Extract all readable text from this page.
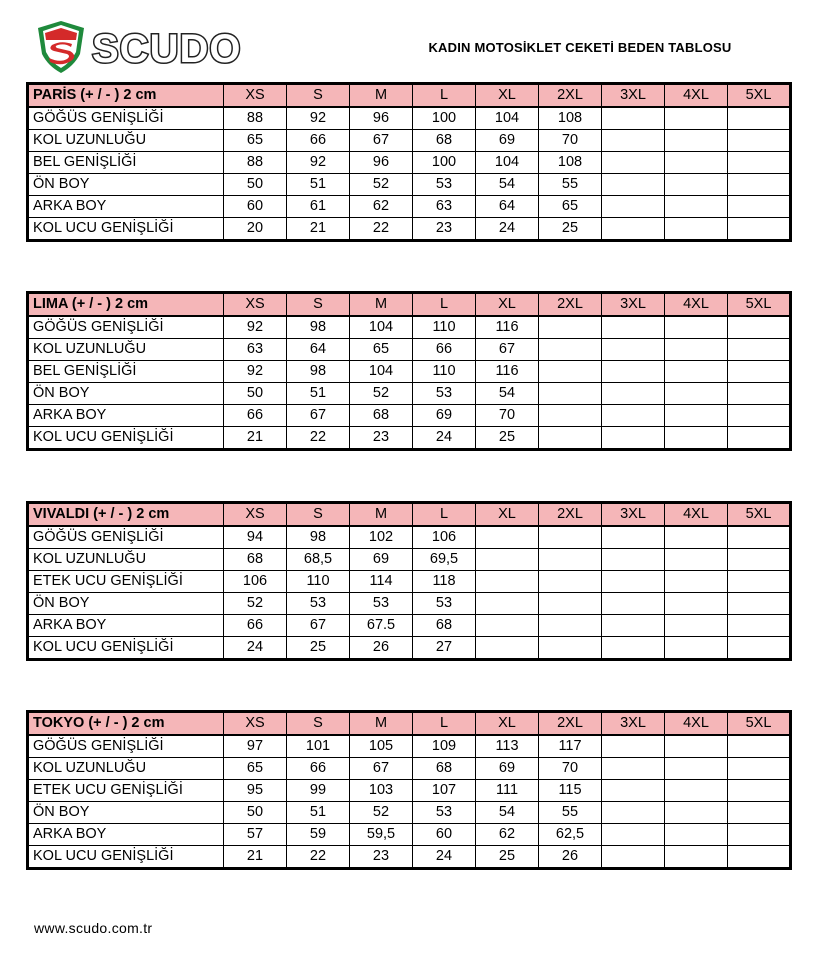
SCUDO	KADIN MOTOSİKLET CEKETİ BEDEN TABLOSU
PARİS (+ / - ) 2 cm	XS	S	M	L	XL	2XL	3XL	4XL	5XL
GÖĞÜS GENİŞLİĞİ	88	92	96	100	104	108			
KOL UZUNLUĞU	65	66	67	68	69	70			
BEL GENİŞLİĞİ	88	92	96	100	104	108			
ÖN BOY	50	51	52	53	54	55			
ARKA BOY	60	61	62	63	64	65			
KOL UCU GENİŞLİĞİ	20	21	22	23	24	25			
LIMA (+ / - ) 2 cm	XS	S	M	L	XL	2XL	3XL	4XL	5XL
GÖĞÜS GENİŞLİĞİ	92	98	104	110	116				
KOL UZUNLUĞU	63	64	65	66	67				
BEL GENİŞLİĞİ	92	98	104	110	116				
ÖN BOY	50	51	52	53	54				
ARKA BOY	66	67	68	69	70				
KOL UCU GENİŞLİĞİ	21	22	23	24	25				
VIVALDI (+ / - ) 2 cm	XS	S	M	L	XL	2XL	3XL	4XL	5XL
GÖĞÜS GENİŞLİĞİ	94	98	102	106					
KOL UZUNLUĞU	68	68,5	69	69,5					
ETEK UCU GENİŞLİĞİ	106	110	114	118					
ÖN BOY	52	53	53	53					
ARKA BOY	66	67	67.5	68					
KOL UCU GENİŞLİĞİ	24	25	26	27					
TOKYO (+ / - ) 2 cm	XS	S	M	L	XL	2XL	3XL	4XL	5XL
GÖĞÜS GENİŞLİĞİ	97	101	105	109	113	117			
KOL UZUNLUĞU	65	66	67	68	69	70			
ETEK UCU GENİŞLİĞİ	95	99	103	107	111	115			
ÖN BOY	50	51	52	53	54	55			
ARKA BOY	57	59	59,5	60	62	62,5			
KOL UCU GENİŞLİĞİ	21	22	23	24	25	26			
www.scudo.com.tr
